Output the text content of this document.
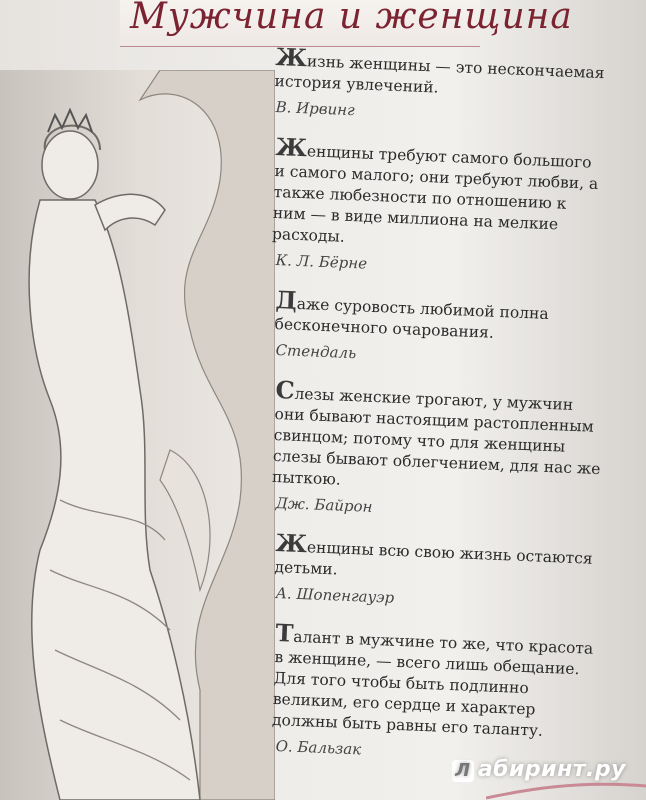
Мужчина и женщина

Жизнь женщины — это нескончаемая история увлечений.

В. Ирвинг

Женщины требуют самого большого и самого малого; они требуют любви, а также любезности по отношению к ним — в виде миллиона на мелкие расходы.

К. Л. Бёрне

Даже суровость любимой полна бесконечного очарования.

Стендаль

Слезы женские трогают, у мужчин они бывают настоящим растопленным свинцом; потому что для женщины слезы бывают облегчением, для нас же пыткою.

Дж. Байрон

Женщины всю свою жизнь остаются детьми.

А. Шопенгауэр

Талант в мужчине то же, что красота в женщине, — всего лишь обещание. Для того чтобы быть подлинно великим, его сердце и характер должны быть равны его таланту.

О. Бальзак

Л абиринт.ру
